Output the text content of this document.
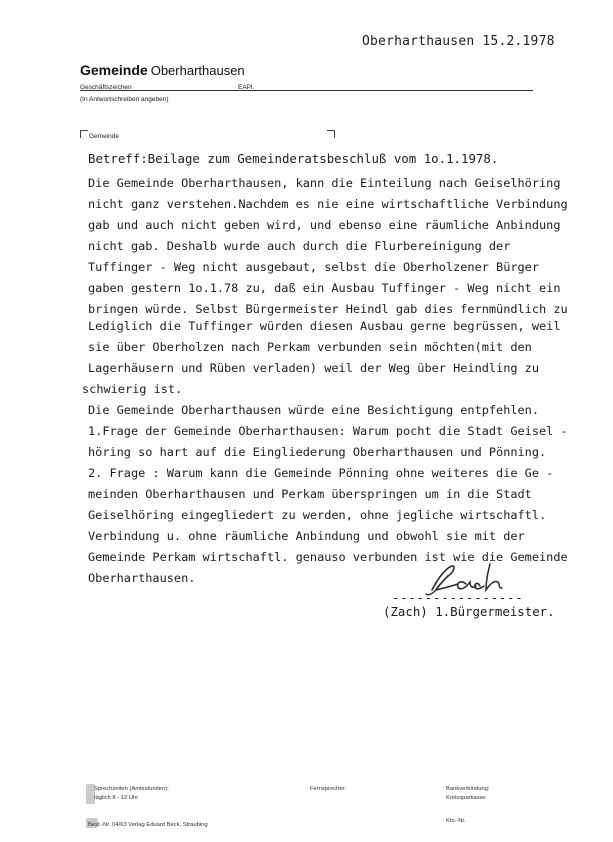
Oberharthausen 15.2.1978
Gemeinde Oberharthausen
Geschäftszeichen	EAPl.
(In Antwortschreiben angeben)
Gemeinde
Betreff:Beilage zum Gemeinderatsbeschluß vom 1o.1.1978.
Die Gemeinde Oberharthausen, kann die Einteilung nach Geiselhöring
nicht ganz verstehen.Nachdem es nie eine wirtschaftliche Verbindung
gab und auch nicht geben wird, und ebenso eine räumliche Anbindung
nicht gab. Deshalb wurde auch durch die Flurbereinigung der
Tuffinger - Weg nicht ausgebaut, selbst die Oberholzener Bürger
gaben gestern 1o.1.78 zu, daß ein Ausbau Tuffinger - Weg nicht ein
bringen würde. Selbst Bürgermeister Heindl gab dies fernmündlich zu
Lediglich die Tuffinger würden diesen Ausbau gerne begrüssen, weil
sie über Oberholzen nach Perkam verbunden sein möchten(mit den
Lagerhäusern und Rüben verladen) weil der Weg über Heindling zu
schwierig ist.
Die Gemeinde Oberharthausen würde eine Besichtigung entpfehlen.
1.Frage der Gemeinde Oberharthausen: Warum pocht die Stadt Geisel -
höring so hart auf die Eingliederung Oberharthausen und Pönning.
2. Frage : Warum kann die Gemeinde Pönning ohne weiteres die Ge -
meinden Oberharthausen und Perkam überspringen um in die Stadt
Geiselhöring eingegliedert zu werden, ohne jegliche wirtschaftl.
Verbindung u. ohne räumliche Anbindung und obwohl sie mit der
Gemeinde Perkam wirtschaftl. genauso verbunden ist wie die Gemeinde
Oberharthausen.
----------------
(Zach) 1.Bürgermeister.
Sprechzeiten (Amtsstunden):
täglich 8 - 12 Uhr
Fernsprecher:	Bankverbindung:
Kreissparkasse
Kto.-Nr.
Best.-Nr. 04/63 Verlag Eduard Beck, Straubing
